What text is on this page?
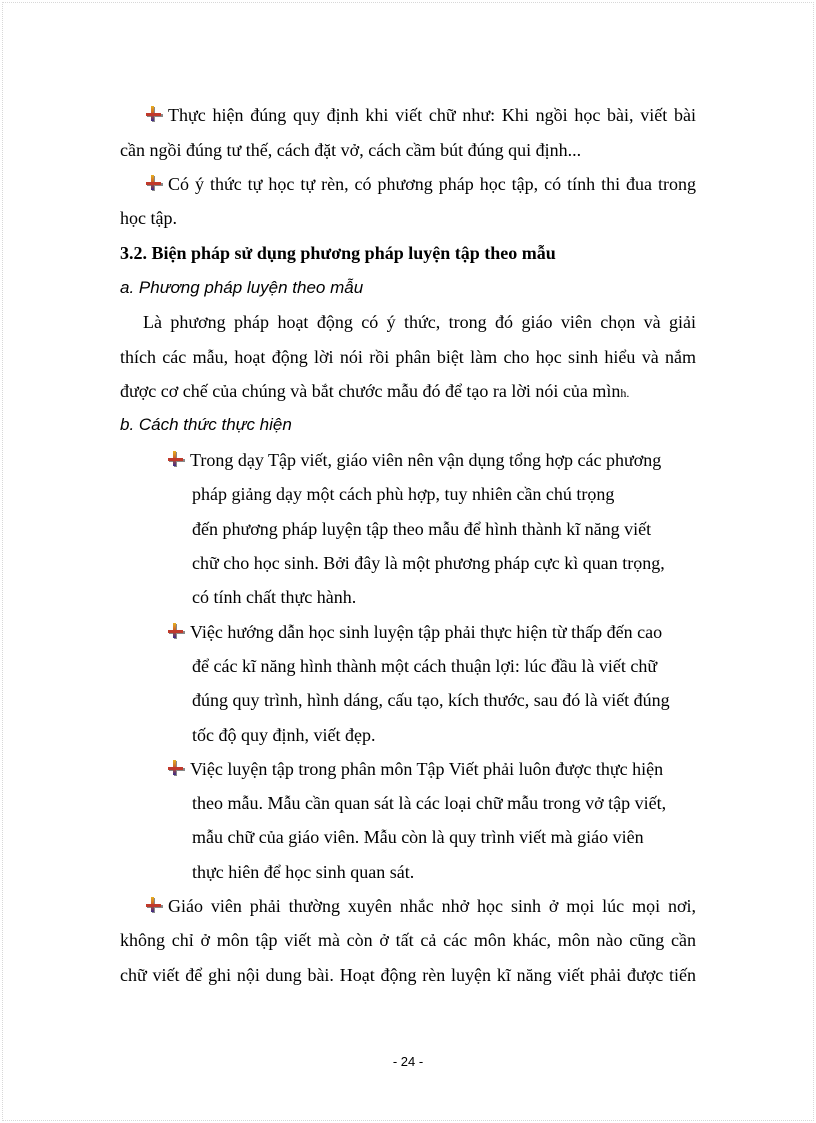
Thực hiện đúng quy định khi viết chữ như: Khi ngồi học bài, viết bài
cần ngồi đúng tư thế, cách đặt vở, cách cầm bút đúng qui định...
Có ý thức tự học tự rèn, có phương pháp học tập, có tính thi đua trong
học tập.
3.2. Biện pháp sử dụng phương pháp luyện tập theo mẫu
a. Phương pháp luyện theo mẫu
Là phương pháp hoạt động có ý thức, trong đó giáo viên chọn và giải
thích các mẫu, hoạt động lời nói rồi phân biệt làm cho học sinh hiểu và nắm
được cơ chế của chúng và bắt chước mẫu đó để tạo ra lời nói của mình.
b. Cách thức thực hiện
Trong dạy Tập viết, giáo viên nên vận dụng tổng hợp các phương
pháp giảng dạy một cách phù hợp, tuy nhiên cần chú trọng
đến phương pháp luyện tập theo mẫu để hình thành kĩ năng viết
chữ cho học sinh. Bởi đây là một phương pháp cực kì quan trọng,
có tính chất thực hành.
Việc hướng dẫn học sinh luyện tập phải thực hiện từ thấp đến cao
để các kĩ năng hình thành một cách thuận lợi: lúc đầu là viết chữ
đúng quy trình, hình dáng, cấu tạo, kích thước, sau đó là viết đúng
tốc độ quy định, viết đẹp.
Việc luyện tập trong phân môn Tập Viết phải luôn được thực hiện
theo mẫu. Mẫu cần quan sát là các loại chữ mẫu trong vở tập viết,
mẫu chữ của giáo viên. Mẫu còn là quy trình viết mà giáo viên
thực hiên để học sinh quan sát.
Giáo viên phải thường xuyên nhắc nhở học sinh ở mọi lúc mọi nơi,
không chỉ ở môn tập viết mà còn ở tất cả các môn khác, môn nào cũng cần
chữ viết để ghi nội dung bài. Hoạt động rèn luyện kĩ năng viết phải được tiến
- 24 -
